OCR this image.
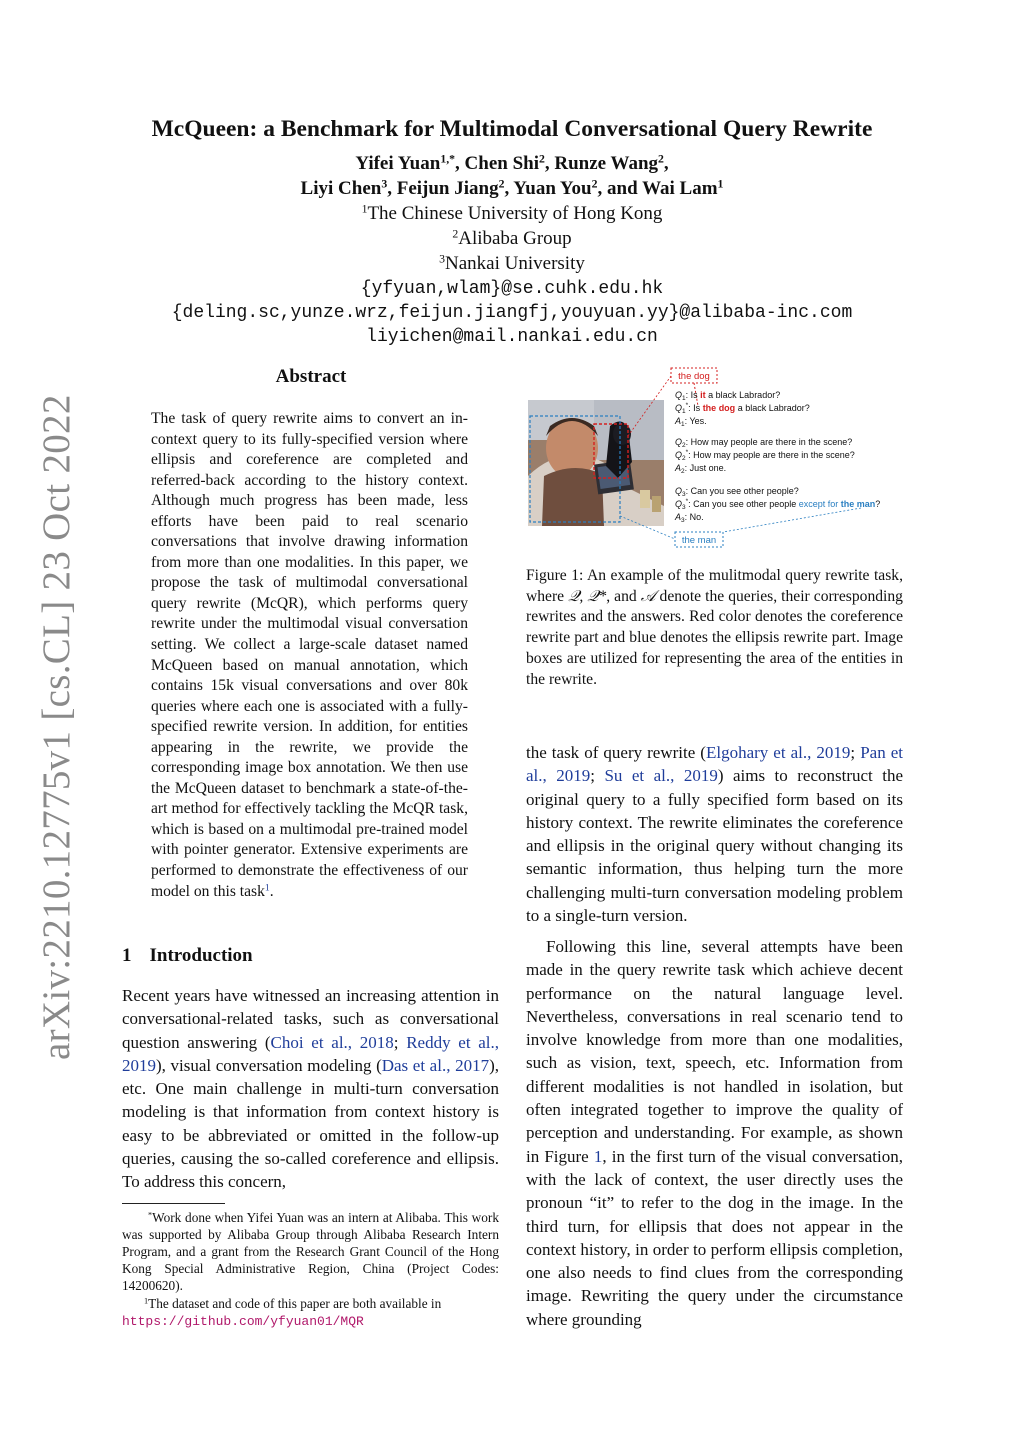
arXiv:2210.12775v1 [cs.CL] 23 Oct 2022
McQueen: a Benchmark for Multimodal Conversational Query Rewrite
Yifei Yuan$^{1,*}$, Chen Shi$^2$, Runze Wang$^2$,
Liyi Chen$^3$, Feijun Jiang$^2$, Yuan You$^2$, and Wai Lam$^1$
$^1$The Chinese University of Hong Kong
$^2$Alibaba Group
$^3$Nankai University
{yfyuan,wlam}@se.cuhk.edu.hk
{deling.sc,yunze.wrz,feijun.jiangfj,youyuan.yy}@alibaba-inc.com
liyichen@mail.nankai.edu.cn
Abstract
The task of query rewrite aims to convert an in-context query to its fully-specified version where ellipsis and coreference are completed and referred-back according to the history context. Although much progress has been made, less efforts have been paid to real scenario conversations that involve drawing information from more than one modalities. In this paper, we propose the task of multimodal conversational query rewrite (McQR), which performs query rewrite under the multimodal visual conversation setting. We collect a large-scale dataset named McQueen based on manual annotation, which contains 15k visual conversations and over 80k queries where each one is associated with a fully-specified rewrite version. In addition, for entities appearing in the rewrite, we provide the corresponding image box annotation. We then use the McQueen dataset to benchmark a state-of-the-art method for effectively tackling the McQR task, which is based on a multimodal pre-trained model with pointer generator. Extensive experiments are performed to demonstrate the effectiveness of our model on this task$^1$.
1 Introduction
Recent years have witnessed an increasing attention in conversational-related tasks, such as conversational question answering (Choi et al., 2018; Reddy et al., 2019), visual conversation modeling (Das et al., 2017), etc. One main challenge in multi-turn conversation modeling is that information from context history is easy to be abbreviated or omitted in the follow-up queries, causing the so-called coreference and ellipsis. To address this concern,
*Work done when Yifei Yuan was an intern at Alibaba. This work was supported by Alibaba Group through Alibaba Research Intern Program, and a grant from the Research Grant Council of the Hong Kong Special Administrative Region, China (Project Codes: 14200620).
$^1$The dataset and code of this paper are both available in
https://github.com/yfyuan01/MQR
the dog
the man
$Q_1$: Is it a black Labrador?
$Q_1^*$: Is the dog a black Labrador?
$A_1$: Yes.
$Q_2$: How may people are there in the scene?
$Q_2^*$: How may people are there in the scene?
$A_2$: Just one.
$Q_3$: Can you see other people?
$Q_3^*$: Can you see other people except for the man?
$A_3$: No.
Figure 1: An example of the mulitmodal query rewrite task, where 𝒬, 𝒬*, and 𝒜 denote the queries, their corresponding rewrites and the answers. Red color denotes the coreference rewrite part and blue denotes the ellipsis rewrite part. Image boxes are utilized for representing the area of the entities in the rewrite.
the task of query rewrite (Elgohary et al., 2019; Pan et al., 2019; Su et al., 2019) aims to reconstruct the original query to a fully specified form based on its history context. The rewrite eliminates the coreference and ellipsis in the original query without changing its semantic information, thus helping turn the more challenging multi-turn conversation modeling problem to a single-turn version.
Following this line, several attempts have been made in the query rewrite task which achieve decent performance on the natural language level. Nevertheless, conversations in real scenario tend to involve knowledge from more than one modalities, such as vision, text, speech, etc. Information from different modalities is not handled in isolation, but often integrated together to improve the quality of perception and understanding. For example, as shown in Figure 1, in the first turn of the visual conversation, with the lack of context, the user directly uses the pronoun “it” to refer to the dog in the image. In the third turn, for ellipsis that does not appear in the context history, in order to perform ellipsis completion, one also needs to find clues from the corresponding image. Rewriting the query under the circumstance where grounding
